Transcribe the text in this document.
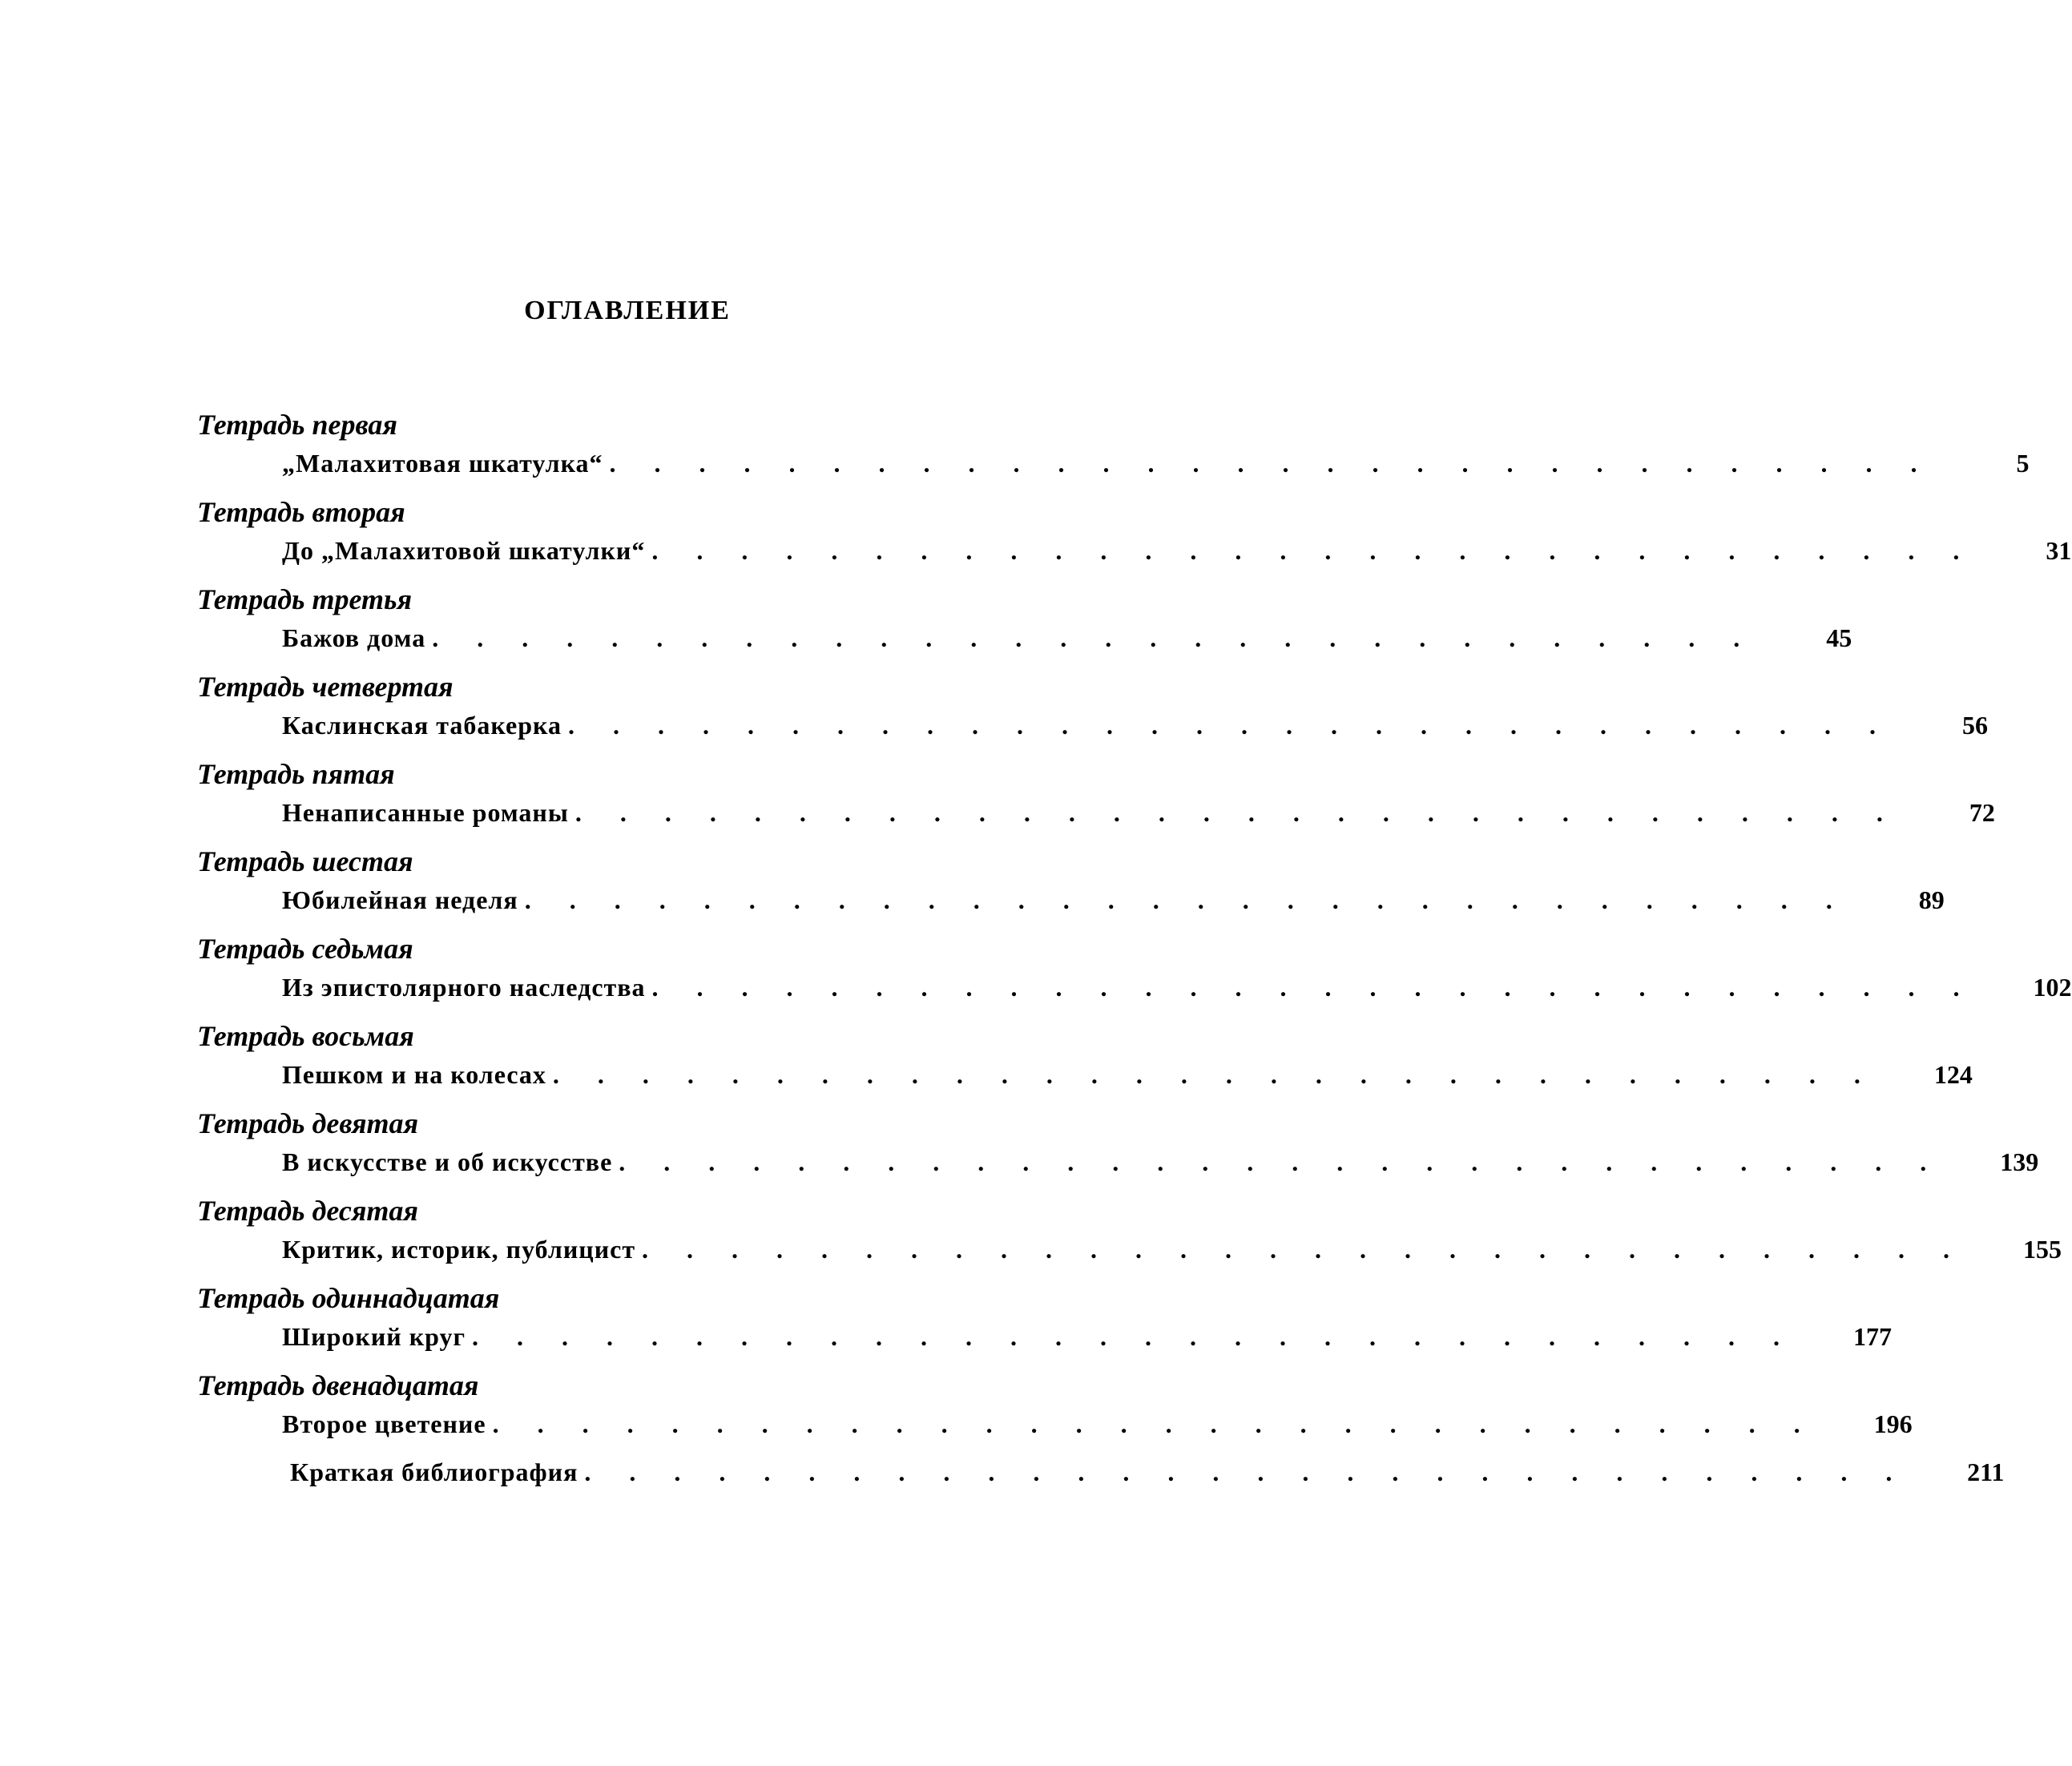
ОГЛАВЛЕНИЕ
Тетрадь первая
„Малахитовая шкатулка“ . . . . . . . . . . . . . . . . . . . . . . . . . . . . . .	5
Тетрадь вторая
До „Малахитовой шкатулки“ . . . . . . . . . . . . . . . . . . . . . . . . . . . . . .	31
Тетрадь третья
Бажов дома . . . . . . . . . . . . . . . . . . . . . . . . . . . . . .	45
Тетрадь четвертая
Каслинская табакерка . . . . . . . . . . . . . . . . . . . . . . . . . . . . . .	56
Тетрадь пятая
Ненаписанные романы . . . . . . . . . . . . . . . . . . . . . . . . . . . . . .	72
Тетрадь шестая
Юбилейная неделя . . . . . . . . . . . . . . . . . . . . . . . . . . . . . .	89
Тетрадь седьмая
Из эпистолярного наследства . . . . . . . . . . . . . . . . . . . . . . . . . . . . . .	102
Тетрадь восьмая
Пешком и на колесах . . . . . . . . . . . . . . . . . . . . . . . . . . . . . .	124
Тетрадь девятая
В искусстве и об искусстве . . . . . . . . . . . . . . . . . . . . . . . . . . . . . .	139
Тетрадь десятая
Критик, историк, публицист . . . . . . . . . . . . . . . . . . . . . . . . . . . . . .	155
Тетрадь одиннадцатая
Широкий круг . . . . . . . . . . . . . . . . . . . . . . . . . . . . . .	177
Тетрадь двенадцатая
Второе цветение . . . . . . . . . . . . . . . . . . . . . . . . . . . . . .	196
Краткая библиография . . . . . . . . . . . . . . . . . . . . . . . . . . . . . .	211
